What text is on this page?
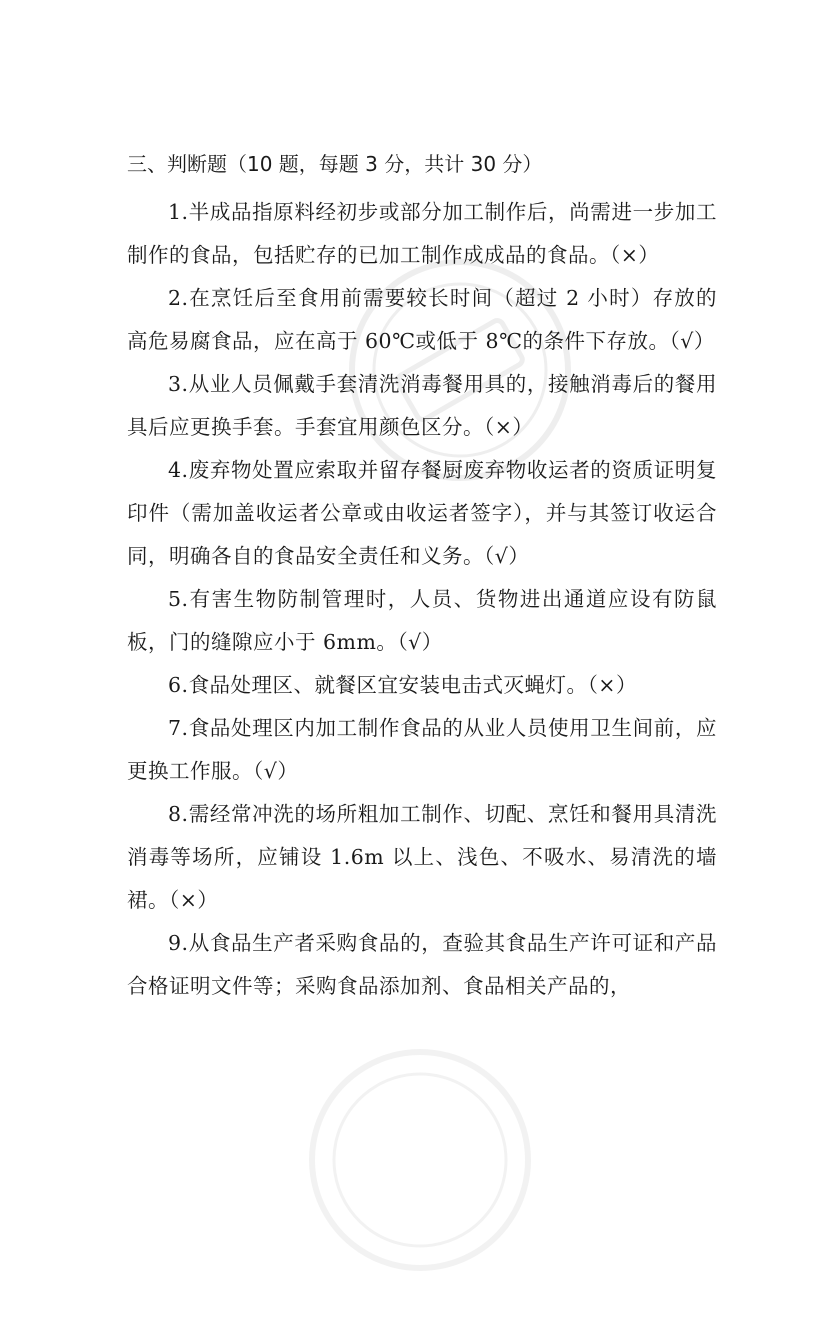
三、判断题（10 题，每题 3 分，共计 30 分）

1.半成品指原料经初步或部分加工制作后，尚需进一步加工制作的食品，包括贮存的已加工制作成成品的食品。（×）

2.在烹饪后至食用前需要较长时间（超过 2 小时）存放的高危易腐食品，应在高于 60℃或低于 8℃的条件下存放。（√）

3.从业人员佩戴手套清洗消毒餐用具的，接触消毒后的餐用具后应更换手套。手套宜用颜色区分。（×）

4.废弃物处置应索取并留存餐厨废弃物收运者的资质证明复印件（需加盖收运者公章或由收运者签字），并与其签订收运合同，明确各自的食品安全责任和义务。（√）

5.有害生物防制管理时，人员、货物进出通道应设有防鼠板，门的缝隙应小于 6mm。（√）

6.食品处理区、就餐区宜安装电击式灭蝇灯。（×）

7.食品处理区内加工制作食品的从业人员使用卫生间前，应更换工作服。（√）

8.需经常冲洗的场所粗加工制作、切配、烹饪和餐用具清洗消毒等场所，应铺设 1.6m 以上、浅色、不吸水、易清洗的墙裙。（×）

9.从食品生产者采购食品的，查验其食品生产许可证和产品合格证明文件等；采购食品添加剂、食品相关产品的，
